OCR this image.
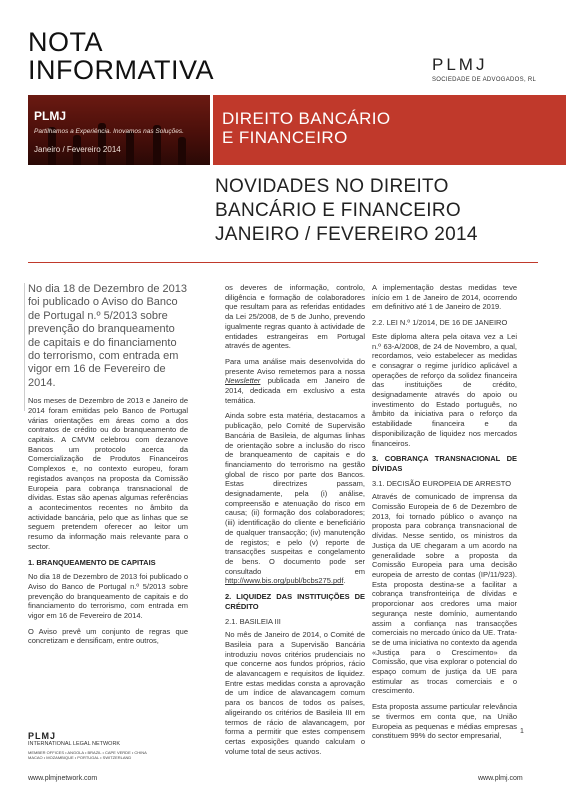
NOTA
INFORMATIVA	PLMJ
SOCIEDADE DE ADVOGADOS, RL
PLMJ
Partilhamos a Experiência. Inovamos nas Soluções.
Janeiro / Fevereiro 2014
DIREITO BANCÁRIO
E FINANCEIRO
NOVIDADES NO DIREITO
BANCÁRIO E FINANCEIRO
JANEIRO / FEVEREIRO 2014

No dia 18 de Dezembro de 2013 foi publicado o Aviso do Banco de Portugal n.º 5/2013 sobre prevenção do branqueamento de capitais e do financiamento do terrorismo, com entrada em vigor em 16 de Fevereiro de 2014.

Nos meses de Dezembro de 2013 e Janeiro de 2014 foram emitidas pelo Banco de Portugal várias orientações em áreas como a dos contratos de crédito ou do branqueamento de capitais. A CMVM celebrou com dezanove Bancos um protocolo acerca da Comercialização de Produtos Financeiros Complexos e, no contexto europeu, foram registados avanços na proposta da Comissão Europeia para cobrança transnacional de dívidas. Estas são apenas algumas referências a acontecimentos recentes no âmbito da actividade bancária, pelo que as linhas que se seguem pretendem oferecer ao leitor um resumo da informação mais relevante para o sector.

1. BRANQUEAMENTO DE CAPITAIS

No dia 18 de Dezembro de 2013 foi publicado o Aviso do Banco de Portugal n.º 5/2013 sobre prevenção do branqueamento de capitais e do financiamento do terrorismo, com entrada em vigor em 16 de Fevereiro de 2014.

O Aviso prevê um conjunto de regras que concretizam e densificam, entre outros,

os deveres de informação, controlo, diligência e formação de colaboradores que resultam para as referidas entidades da Lei 25/2008, de 5 de Junho, prevendo igualmente regras quanto à actividade de entidades estrangeiras em Portugal através de agentes.

Para uma análise mais desenvolvida do presente Aviso remetemos para a nossa Newsletter publicada em Janeiro de 2014, dedicada em exclusivo a esta temática.

Ainda sobre esta matéria, destacamos a publicação, pelo Comité de Supervisão Bancária de Basileia, de algumas linhas de orientação sobre a inclusão do risco de branqueamento de capitais e do financiamento do terrorismo na gestão global de risco por parte dos Bancos. Estas directrizes passam, designadamente, pela (i) análise, compreensão e atenuação do risco em causa; (ii) formação dos colaboradores; (iii) identificação do cliente e beneficiário de qualquer transacção; (iv) manutenção de registos; e pelo (v) reporte de transacções suspeitas e congelamento de bens. O documento pode ser consultado em http://www.bis.org/publ/bcbs275.pdf.

2. LIQUIDEZ DAS INSTITUIÇÕES DE CRÉDITO
2.1. BASILEIA III

No mês de Janeiro de 2014, o Comité de Basileia para a Supervisão Bancária introduziu novos critérios prudenciais no que concerne aos fundos próprios, rácio de alavancagem e requisitos de liquidez. Entre estas medidas consta a aprovação de um índice de alavancagem comum para os bancos de todos os países, aligeirando os critérios de Basileia III em termos de rácio de alavancagem, por forma a permitir que estes compensem certas exposições quando calculam o volume total de seus activos.

A implementação destas medidas teve início em 1 de Janeiro de 2014, ocorrendo em definitivo até 1 de Janeiro de 2019.

2.2. LEI N.º 1/2014, DE 16 DE JANEIRO

Este diploma altera pela oitava vez a Lei n.º 63-A/2008, de 24 de Novembro, a qual, recordamos, veio estabelecer as medidas e consagrar o regime jurídico aplicável a operações de reforço da solidez financeira das instituições de crédito, designadamente através do apoio ou investimento do Estado português, no âmbito da iniciativa para o reforço da estabilidade financeira e da disponibilização de liquidez nos mercados financeiros.

3. COBRANÇA TRANSNACIONAL DE DÍVIDAS
3.1. DECISÃO EUROPEIA DE ARRESTO

Através de comunicado de imprensa da Comissão Europeia de 6 de Dezembro de 2013, foi tornado público o avanço na proposta para cobrança transnacional de dívidas. Nesse sentido, os ministros da Justiça da UE chegaram a um acordo na generalidade sobre a proposta da Comissão Europeia para uma decisão europeia de arresto de contas (IP/11/923). Esta proposta destina-se a facilitar a cobrança transfronteiriça de dívidas e proporcionar aos credores uma maior segurança neste domínio, aumentando assim a confiança nas transacções comerciais no mercado único da UE. Trata-se de uma iniciativa no contexto da agenda «Justiça para o Crescimento» da Comissão, que visa explorar o potencial do espaço comum de justiça da UE para estimular as trocas comerciais e o crescimento.

Esta proposta assume particular relevância se tivermos em conta que, na União Europeia as pequenas e médias empresas constituem 99% do sector empresarial,	1
PLMJ
INTERNATIONAL LEGAL NETWORK
MEMBER OFFICES • ANGOLA • BRAZIL • CAPE VERDE • CHINA MACAO • MOZAMBIQUE • PORTUGAL • SWITZERLAND
www.plmjnetwork.com	www.plmj.com
